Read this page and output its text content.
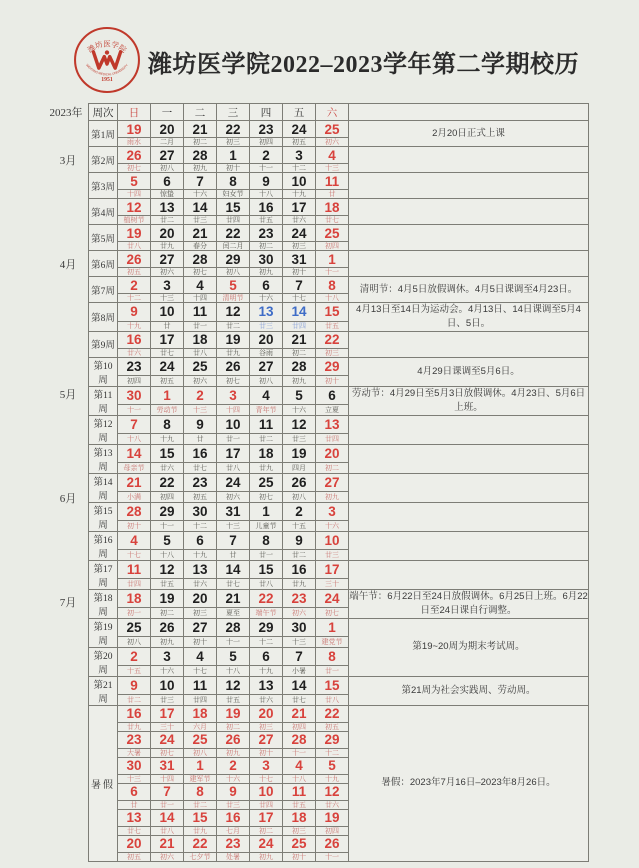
潍坊医学院
WEIFANG MEDICAL UNIVERSITY
1951
潍坊医学院2022–2023学年第二学期校历
2023年
3月
4月
5月
6月
7月
周次	日	一	二	三	四	五	六	
第1周	19	20	21	22	23	24	25	2月20日正式上课
	雨水	二月	初二	初三	初四	初五	初六	
第2周	26	27	28	1	2	3	4	
	初七	初八	初九	初十	十一	十二	十三	
第3周	5	6	7	8	9	10	11	
	十四	惊蛰	十六	妇女节	十八	十九	廿	
第4周	12	13	14	15	16	17	18	
	植树节	廿二	廿三	廿四	廿五	廿六	廿七	
第5周	19	20	21	22	23	24	25	
	廿八	廿九	春分	闰二月	初二	初三	初四	
第6周	26	27	28	29	30	31	1	
	初五	初六	初七	初八	初九	初十	十一	
第7周	2	3	4	5	6	7	8	清明节：4月5日放假调休。4月5日课调至4月23日。
	十二	十三	十四	清明节	十六	十七	十八	
第8周	9	10	11	12	13	14	15	4月13日至14日为运动会。4月13日、14日课调至5月4日、5日。
	十九	廿	廿一	廿二	廿三	廿四	廿五	
第9周	16	17	18	19	20	21	22	
	廿六	廿七	廿八	廿九	谷雨	初二	初三	
第10周	23	24	25	26	27	28	29	4月29日课调至5月6日。
	初四	初五	初六	初七	初八	初九	初十	
第11周	30	1	2	3	4	5	6	劳动节：4月29日至5月3日放假调休。4月23日、5月6日上班。
	十一	劳动节	十三	十四	青年节	十六	立夏	
第12周	7	8	9	10	11	12	13	
	十八	十九	廿	廿一	廿二	廿三	廿四	
第13周	14	15	16	17	18	19	20	
	母亲节	廿六	廿七	廿八	廿九	四月	初二	
第14周	21	22	23	24	25	26	27	
	小满	初四	初五	初六	初七	初八	初九	
第15周	28	29	30	31	1	2	3	
	初十	十一	十二	十三	儿童节	十五	十六	
第16周	4	5	6	7	8	9	10	
	十七	十八	十九	廿	廿一	廿二	廿三	
第17周	11	12	13	14	15	16	17	
	廿四	廿五	廿六	廿七	廿八	廿九	三十	
第18周	18	19	20	21	22	23	24	端午节：6月22日至24日放假调休。6月25日上班。6月22日至24日课自行调整。
	初一	初二	初三	夏至	端午节	初六	初七	
第19周	25	26	27	28	29	30	1	第19~20周为期末考试周。
	初八	初九	初十	十一	十二	十三	建党节	
第20周	2	3	4	5	6	7	8	
	十五	十六	十七	十八	十九	小暑	廿一	
第21周	9	10	11	12	13	14	15	第21周为社会实践周、劳动周。
	廿二	廿三	廿四	廿五	廿六	廿七	廿八	
暑假	16	17	18	19	20	21	22	暑假：2023年7月16日–2023年8月26日。
	廿九	三十	六月	初二	初三	初四	初五	
	23	24	25	26	27	28	29	
	大暑	初七	初八	初九	初十	十一	十二	
	30	31	1	2	3	4	5	
	十三	十四	建军节	十六	十七	十八	十九	
	6	7	8	9	10	11	12	
	廿	廿一	廿二	廿三	廿四	廿五	廿六	
	13	14	15	16	17	18	19	
	廿七	廿八	廿九	七月	初二	初三	初四	
	20	21	22	23	24	25	26	
	初五	初六	七夕节	处暑	初九	初十	十一	
